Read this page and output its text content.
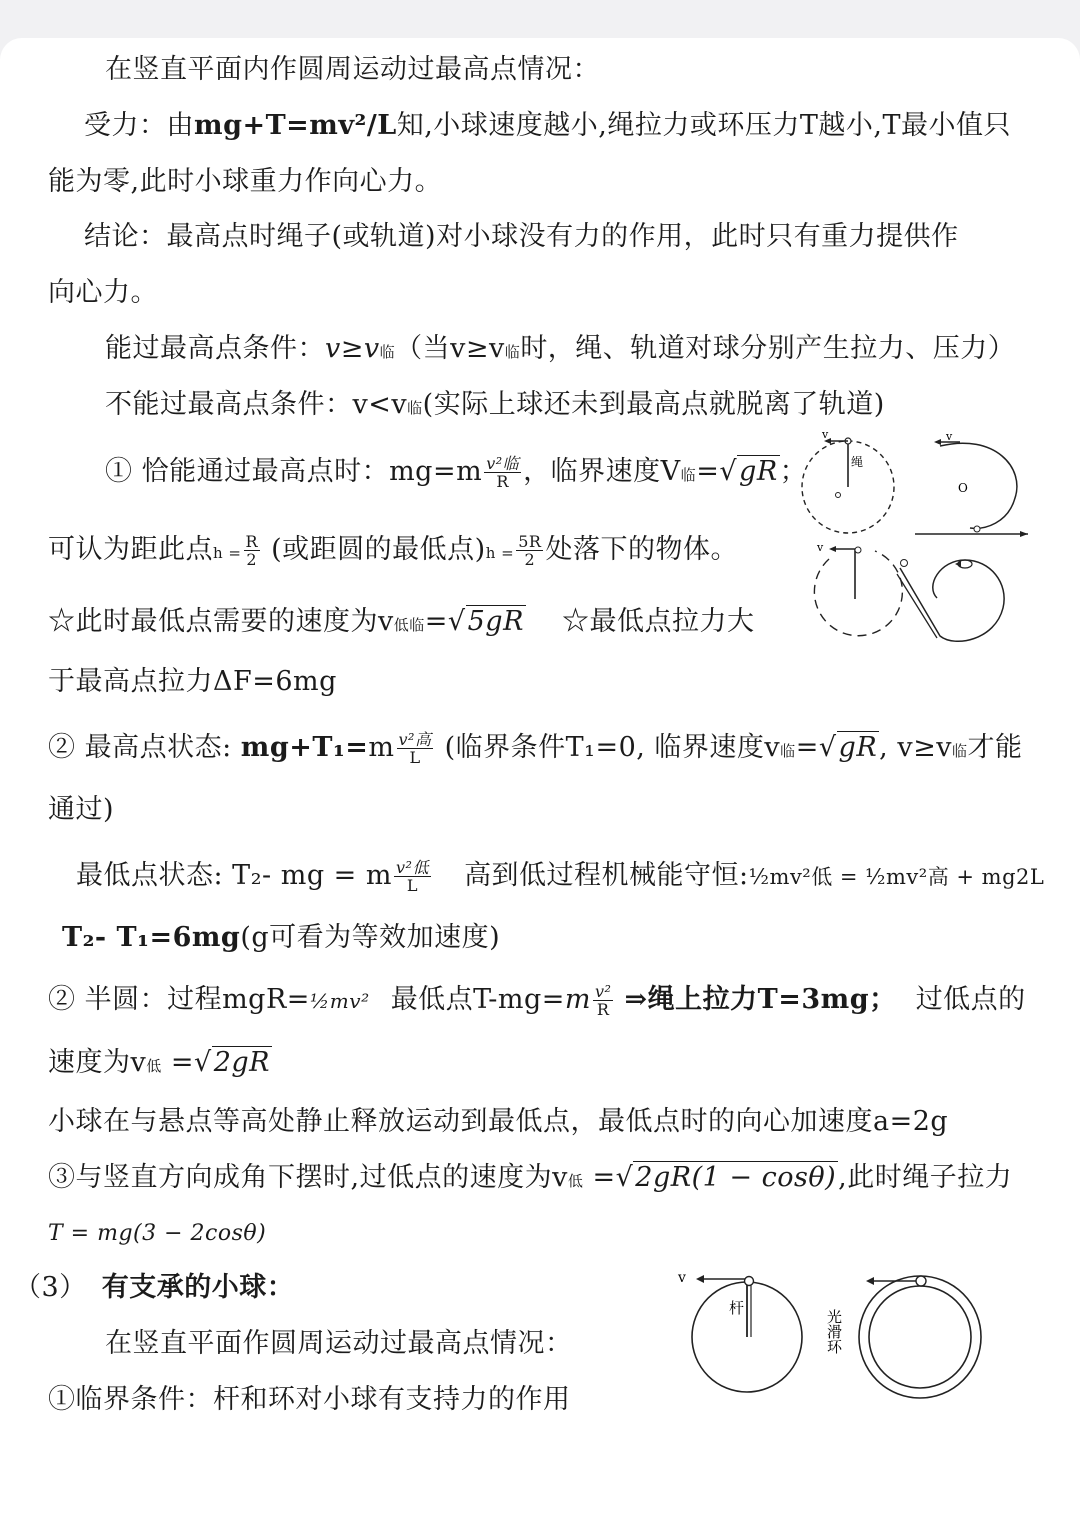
在竖直平面内作圆周运动过最高点情况：
受力：由mg+T=mv²/L知,小球速度越小,绳拉力或环压力T越小,T最小值只
能为零,此时小球重力作向心力。
结论：最高点时绳子(或轨道)对小球没有力的作用，此时只有重力提供作
向心力。
能过最高点条件：v≥v临（当v≥v临时，绳、轨道对球分别产生拉力、压力）
不能过最高点条件：v<v临(实际上球还未到最高点就脱离了轨道)
① 恰能通过最高点时：$mg=m \frac{\text{v²临}}{R}$ ，临界速度V临=√gR；
可认为距此点$h = \frac{R}{2}$ (或距圆的最低点)$h = \frac{5R}{2}$ 处落下的物体。
☆此时最低点需要的速度为v低临=√5gR ☆最低点拉力大
于最高点拉力ΔF=6mg
② 最高点状态: $mg+T_1=m \frac{\text{v²高}}{L}$ (临界条件T₁=0, 临界速度v临=√gR, v≥v临才能
通过)
最低点状态: T₂- mg = m $\frac{\text{v²低}}{L}$ 高到低过程机械能守恒:½mv²低 = ½mv²高 + mg2L
T₂- T₁=6mg(g可看为等效加速度)
② 半圆：过程mgR=½mv² 最低点$T-mg=m \frac{\text{v²}}{R}$ ⇒绳上拉力T=3mg； 过低点的
速度为v低 =√2gR
小球在与悬点等高处静止释放运动到最低点，最低点时的向心加速度a=2g
③与竖直方向成角下摆时,过低点的速度为v低 =√2gR(1 − cosθ),此时绳子拉力
T = mg(3 − 2cosθ)
（3） 有支承的小球：
在竖直平面作圆周运动过最高点情况：
①临界条件：杆和环对小球有支持力的作用
v
绳
v
O
v
v
杆
光滑环
